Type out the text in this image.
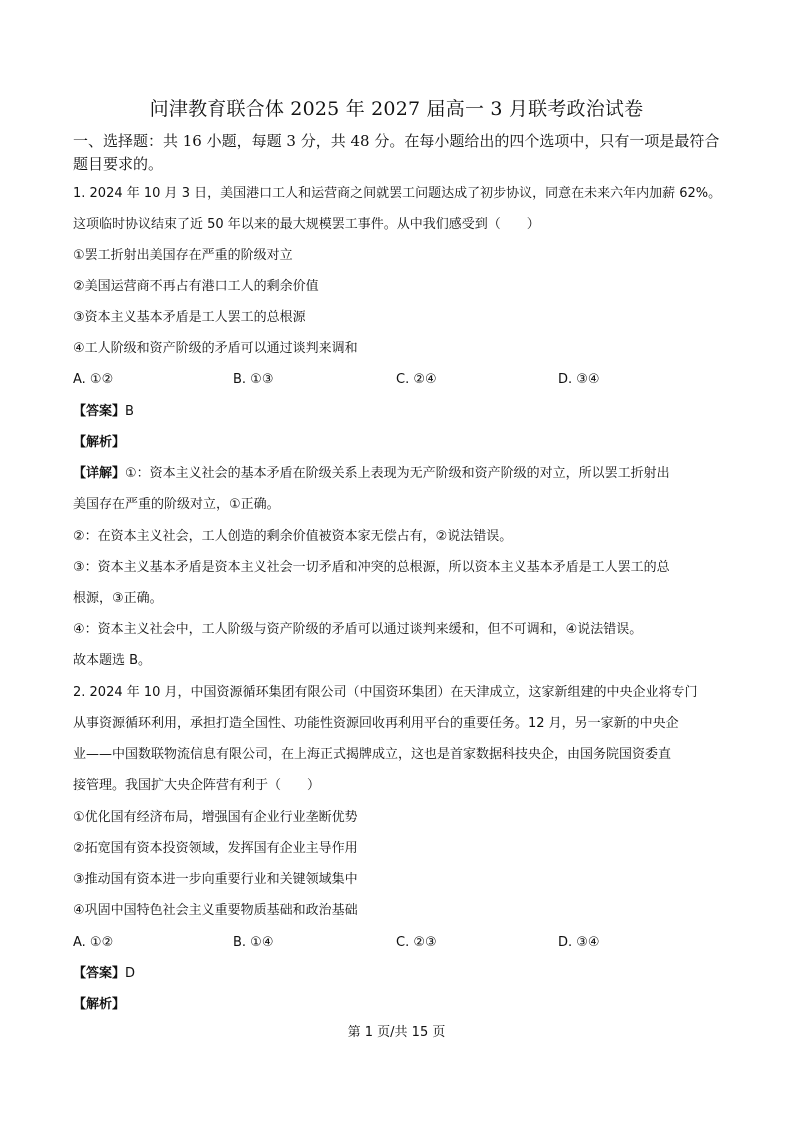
问津教育联合体 2025 年 2027 届高一 3 月联考政治试卷
一、选择题：共 16 小题，每题 3 分，共 48 分。在每小题给出的四个选项中，只有一项是最符合题目要求的。
1. 2024 年 10 月 3 日，美国港口工人和运营商之间就罢工问题达成了初步协议，同意在未来六年内加薪 62%。
这项临时协议结束了近 50 年以来的最大规模罢工事件。从中我们感受到（　　）
①罢工折射出美国存在严重的阶级对立
②美国运营商不再占有港口工人的剩余价值
③资本主义基本矛盾是工人罢工的总根源
④工人阶级和资产阶级的矛盾可以通过谈判来调和
A. ①②	B. ①③	C. ②④	D. ③④
【答案】B
【解析】
【详解】①：资本主义社会的基本矛盾在阶级关系上表现为无产阶级和资产阶级的对立，所以罢工折射出
美国存在严重的阶级对立，①正确。
②：在资本主义社会，工人创造的剩余价值被资本家无偿占有，②说法错误。
③：资本主义基本矛盾是资本主义社会一切矛盾和冲突的总根源，所以资本主义基本矛盾是工人罢工的总
根源，③正确。
④：资本主义社会中，工人阶级与资产阶级的矛盾可以通过谈判来缓和，但不可调和，④说法错误。
故本题选 B。
2. 2024 年 10 月，中国资源循环集团有限公司（中国资环集团）在天津成立，这家新组建的中央企业将专门
从事资源循环利用，承担打造全国性、功能性资源回收再利用平台的重要任务。12 月，另一家新的中央企
业——中国数联物流信息有限公司，在上海正式揭牌成立，这也是首家数据科技央企，由国务院国资委直
接管理。我国扩大央企阵营有利于（　　）
①优化国有经济布局，增强国有企业行业垄断优势
②拓宽国有资本投资领域，发挥国有企业主导作用
③推动国有资本进一步向重要行业和关键领域集中
④巩固中国特色社会主义重要物质基础和政治基础
A. ①②	B. ①④	C. ②③	D. ③④
【答案】D
【解析】
第 1 页/共 15 页
